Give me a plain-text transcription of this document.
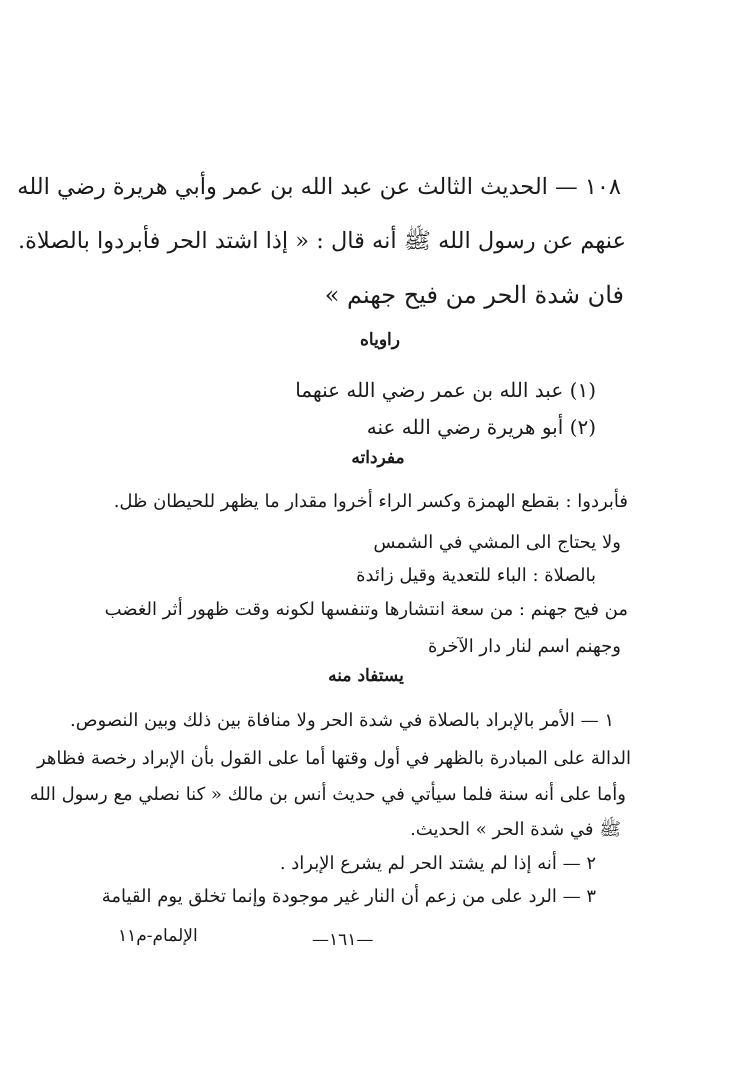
١٠٨ — الحديث الثالث عن عبد الله بن عمر وأبي هريرة رضي الله
عنهم عن رسول الله ﷺ أنه قال : « إذا اشتد الحر فأبردوا بالصلاة.
فان شدة الحر من فيح جهنم »
راوياه
(١) عبد الله بن عمر رضي الله عنهما
(٢) أبو هريرة رضي الله عنه
مفرداته
فأبردوا : بقطع الهمزة وكسر الراء أخروا مقدار ما يظهر للحيطان ظل.
ولا يحتاج الى المشي في الشمس
بالصلاة : الباء للتعدية وقيل زائدة
من فيح جهنم : من سعة انتشارها وتنفسها لكونه وقت ظهور أثر الغضب
وجهنم اسم لنار دار الآخرة
يستفاد منه
١ — الأمر بالإبراد بالصلاة في شدة الحر ولا منافاة بين ذلك وبين النصوص.
الدالة على المبادرة بالظهر في أول وقتها أما على القول بأن الإبراد رخصة فظاهر
وأما على أنه سنة فلما سيأتي في حديث أنس بن مالك « كنا نصلي مع رسول الله
ﷺ في شدة الحر » الحديث.
٢ — أنه إذا لم يشتد الحر لم يشرع الإبراد .
٣ — الرد على من زعم أن النار غير موجودة وإنما تخلق يوم القيامة
—١٦١—
الإلمام-م١١
